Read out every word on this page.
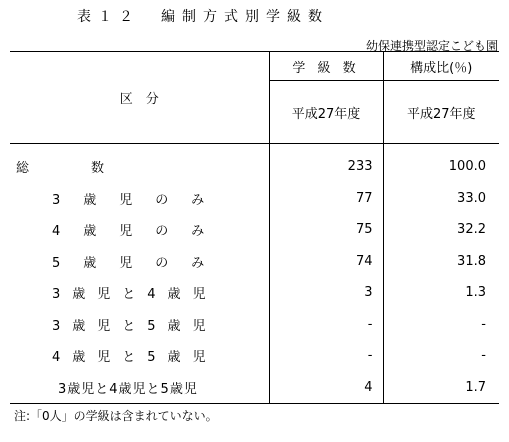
表１２　編制方式別学級数
幼保連携型認定こども園
区　分	学 級 数	構成比(％)
	平成27年度	平成27年度

総数	233	100.0
3歳児のみ	77	33.0
4歳児のみ	75	32.2
5歳児のみ	74	31.8
3歳児と4歳児	3	1.3
3歳児と5歳児	-	-
4歳児と5歳児	-	-
3歳児と4歳児と5歳児	4	1.7
注:「0人」の学級は含まれていない。
